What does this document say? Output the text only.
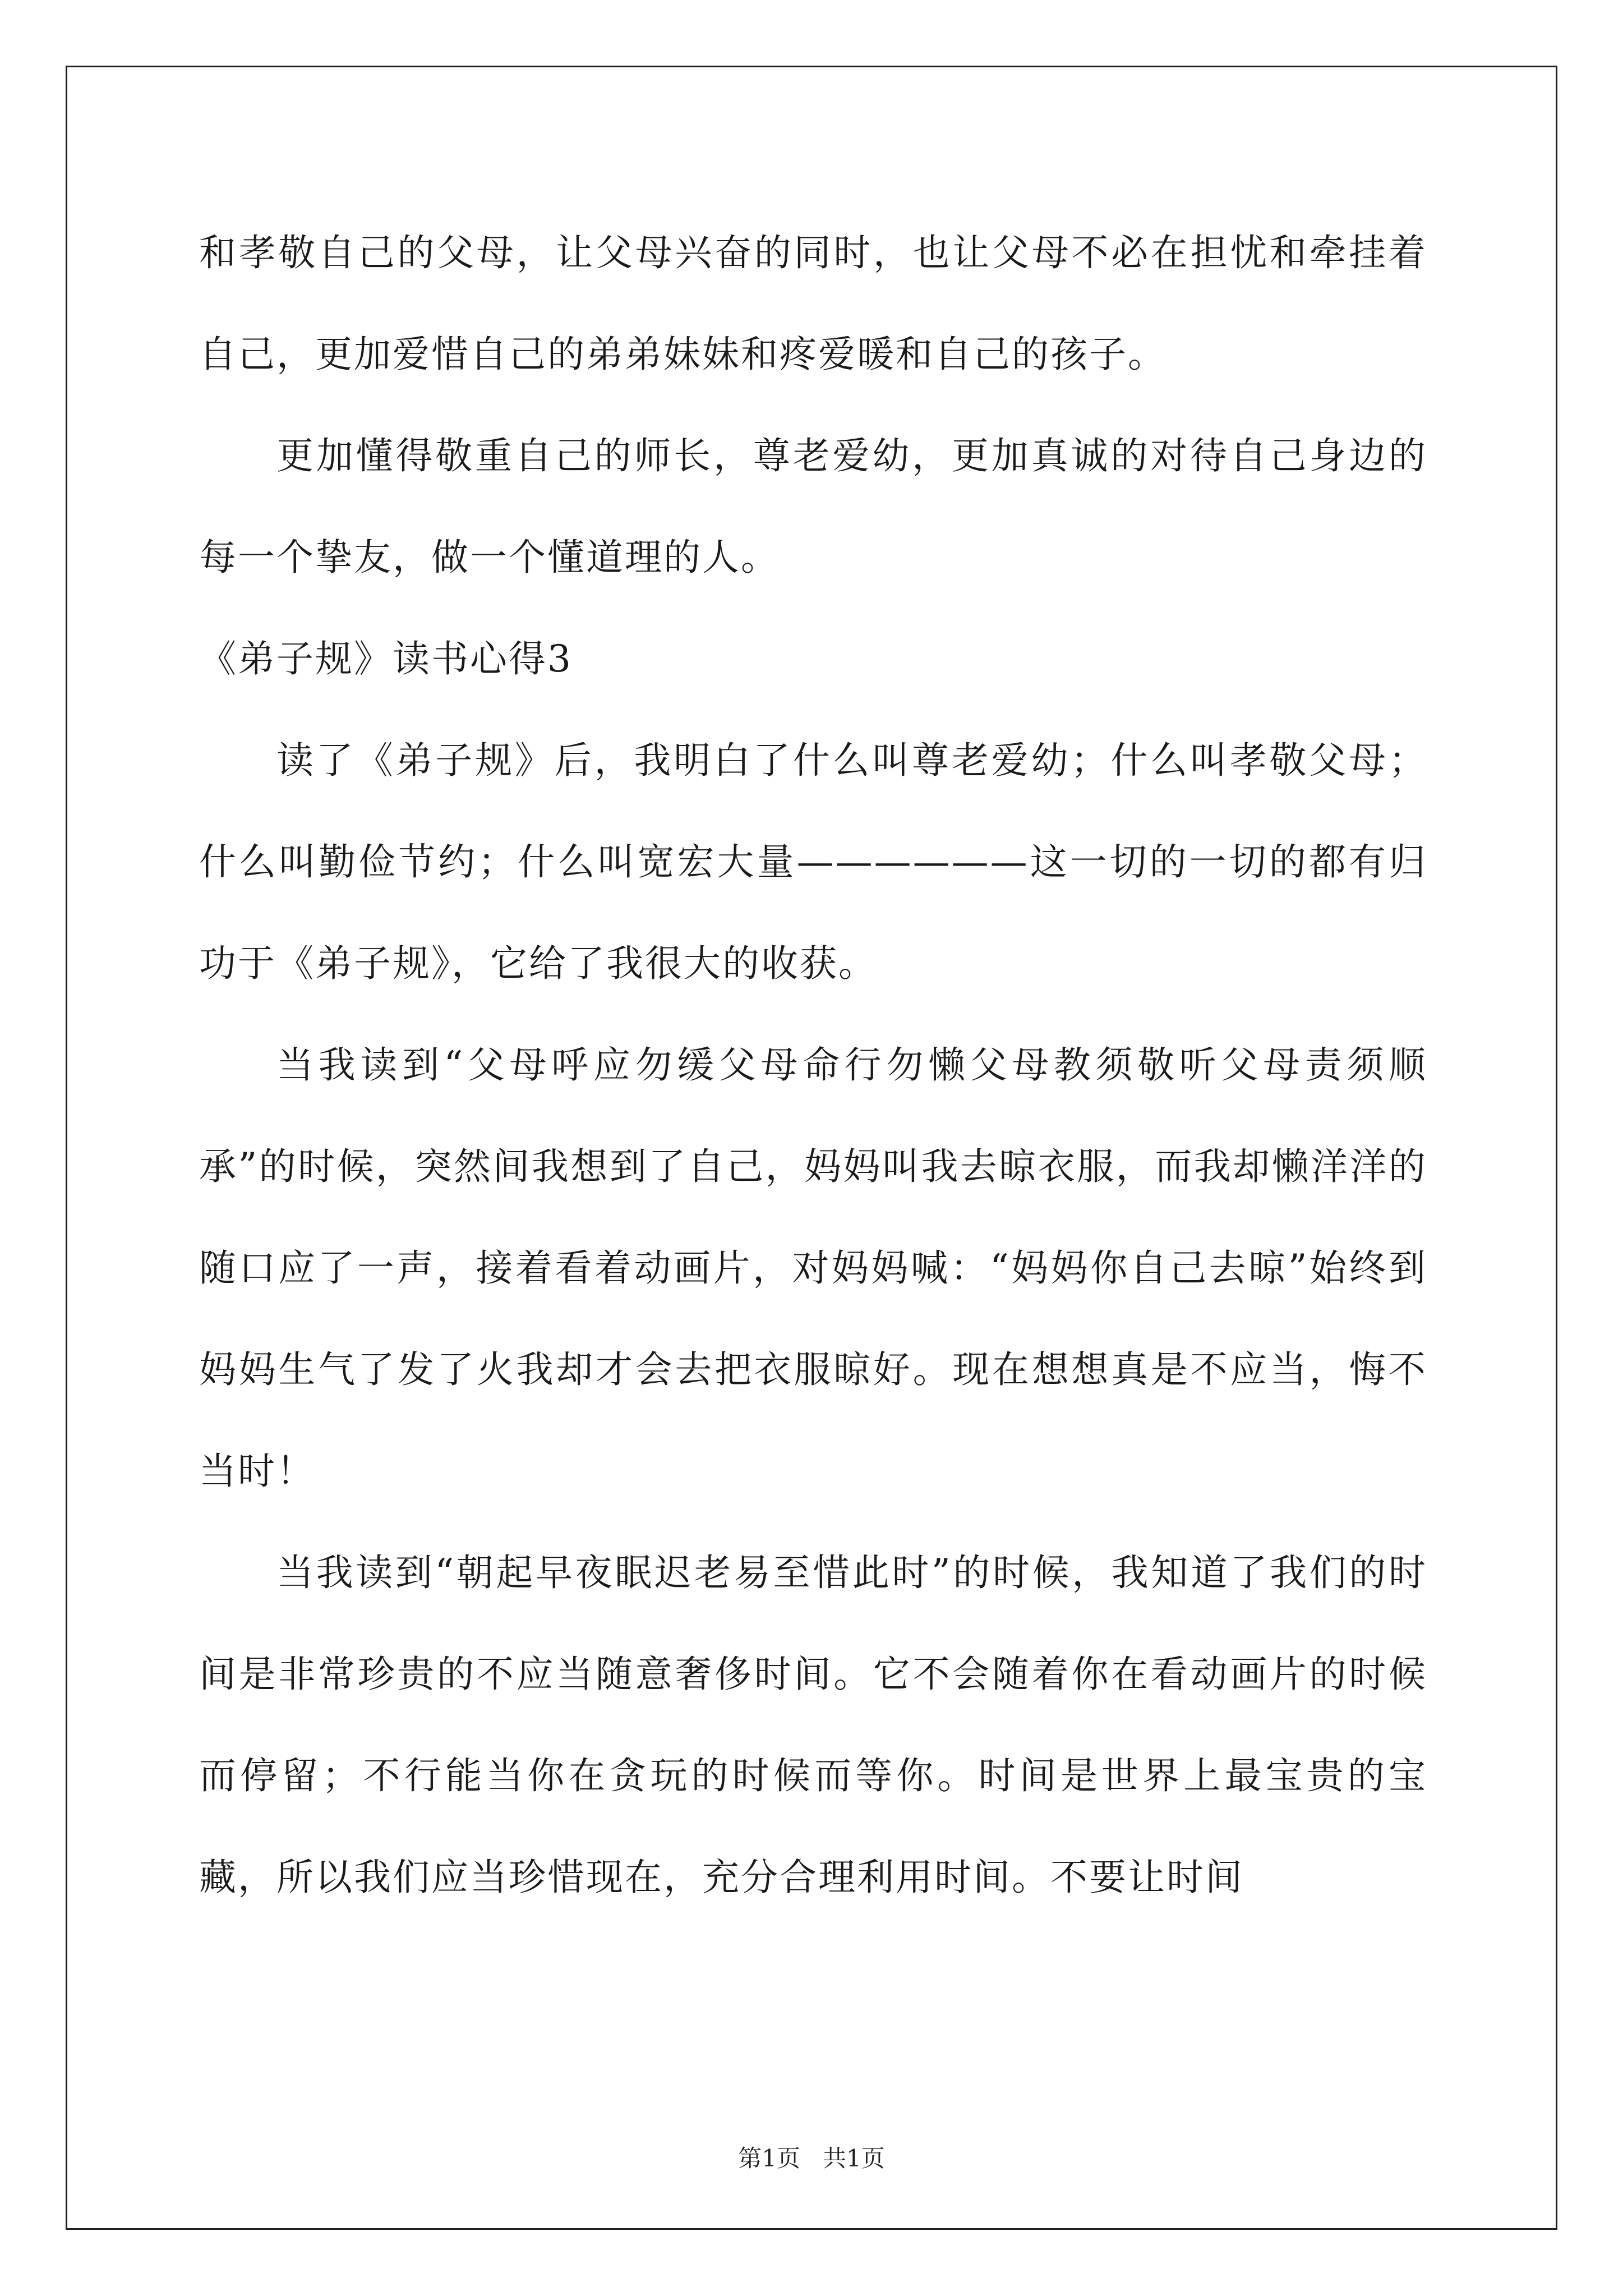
和孝敬自己的父母，让父母兴奋的同时，也让父母不必在担忧和牵挂着自己，更加爱惜自己的弟弟妹妹和疼爱暖和自己的孩子。

更加懂得敬重自己的师长，尊老爱幼，更加真诚的对待自己身边的每一个挚友，做一个懂道理的人。

《弟子规》读书心得3

读了《弟子规》后，我明白了什么叫尊老爱幼；什么叫孝敬父母；什么叫勤俭节约；什么叫宽宏大量——————这一切的一切的都有归功于《弟子规》，它给了我很大的收获。

当我读到“父母呼应勿缓父母命行勿懒父母教须敬听父母责须顺承”的时候，突然间我想到了自己，妈妈叫我去晾衣服，而我却懒洋洋的随口应了一声，接着看着动画片，对妈妈喊：“妈妈你自己去晾”始终到妈妈生气了发了火我却才会去把衣服晾好。现在想想真是不应当，悔不当时！

当我读到“朝起早夜眠迟老易至惜此时”的时候，我知道了我们的时间是非常珍贵的不应当随意奢侈时间。它不会随着你在看动画片的时候而停留；不行能当你在贪玩的时候而等你。时间是世界上最宝贵的宝藏，所以我们应当珍惜现在，充分合理利用时间。不要让时间

第1页   共1页
